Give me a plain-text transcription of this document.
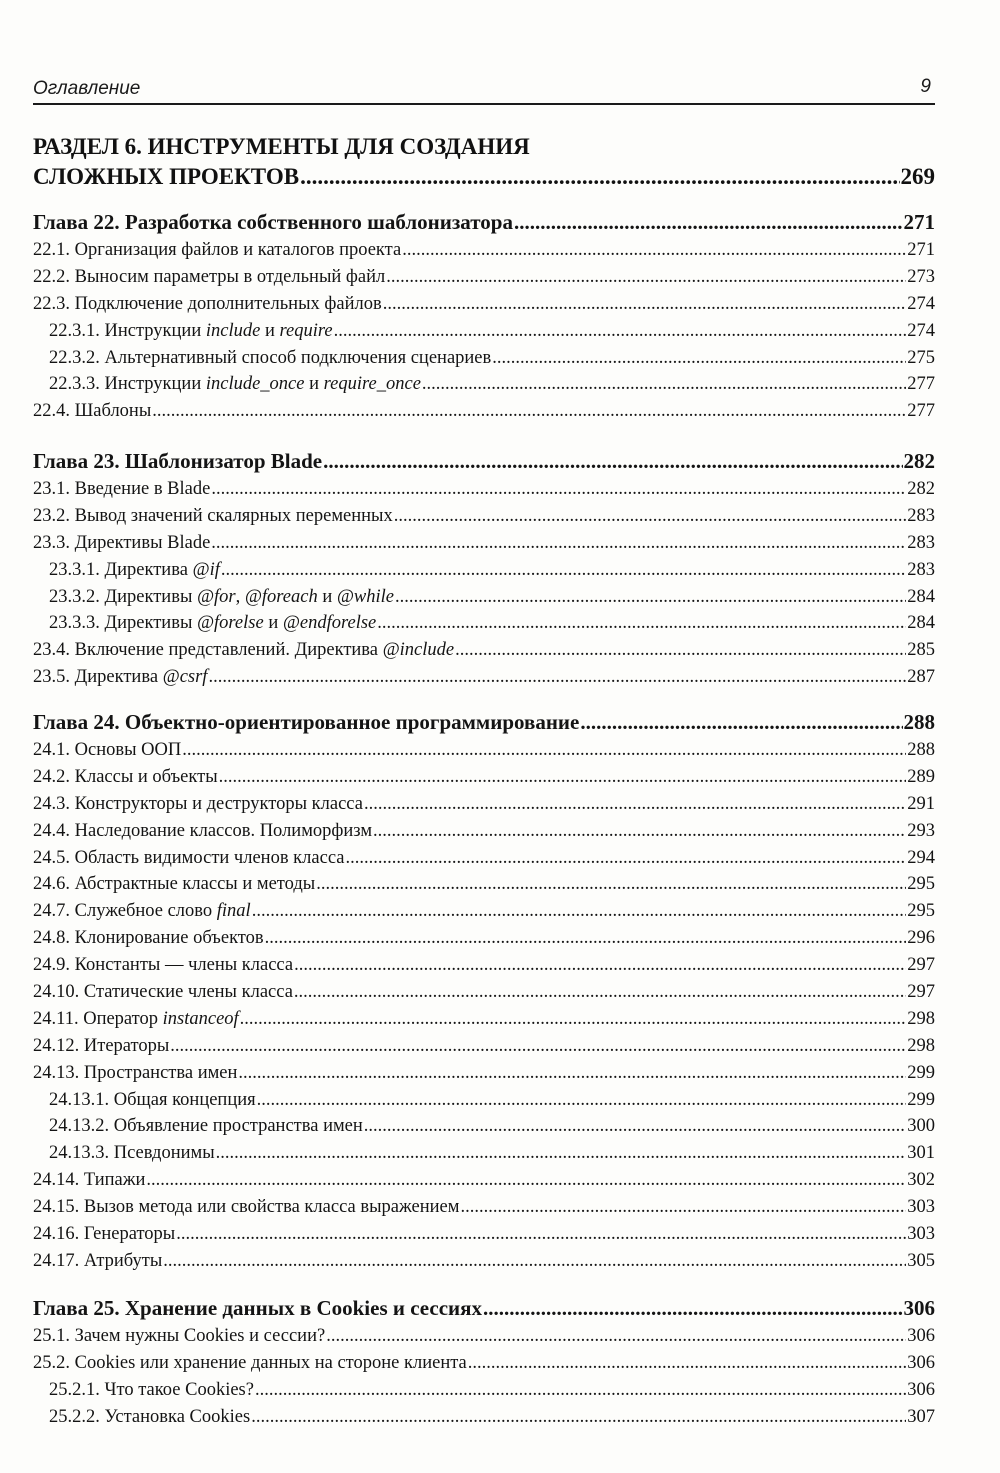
Оглавление	9
РАЗДЕЛ 6. ИНСТРУМЕНТЫ ДЛЯ СОЗДАНИЯ
СЛОЖНЫХ ПРОЕКТОВ .....	269
Глава 22. Разработка собственного шаблонизатора .....	271
22.1. Организация файлов и каталогов проекта .....	271
22.2. Выносим параметры в отдельный файл .....	273
22.3. Подключение дополнительных файлов .....	274
22.3.1. Инструкции include и require .....	274
22.3.2. Альтернативный способ подключения сценариев .....	275
22.3.3. Инструкции include_once и require_once .....	277
22.4. Шаблоны .....	277
Глава 23. Шаблонизатор Blade .....	282
23.1. Введение в Blade .....	282
23.2. Вывод значений скалярных переменных .....	283
23.3. Директивы Blade .....	283
23.3.1. Директива @if .....	283
23.3.2. Директивы @for, @foreach и @while .....	284
23.3.3. Директивы @forelse и @endforelse .....	284
23.4. Включение представлений. Директива @include .....	285
23.5. Директива @csrf .....	287
Глава 24. Объектно-ориентированное программирование .....	288
24.1. Основы ООП .....	288
24.2. Классы и объекты .....	289
24.3. Конструкторы и деструкторы класса .....	291
24.4. Наследование классов. Полиморфизм .....	293
24.5. Область видимости членов класса .....	294
24.6. Абстрактные классы и методы .....	295
24.7. Служебное слово final .....	295
24.8. Клонирование объектов .....	296
24.9. Константы — члены класса .....	297
24.10. Статические члены класса .....	297
24.11. Оператор instanceof .....	298
24.12. Итераторы .....	298
24.13. Пространства имен .....	299
24.13.1. Общая концепция .....	299
24.13.2. Объявление пространства имен .....	300
24.13.3. Псевдонимы .....	301
24.14. Типажи .....	302
24.15. Вызов метода или свойства класса выражением .....	303
24.16. Генераторы .....	303
24.17. Атрибуты .....	305
Глава 25. Хранение данных в Cookies и сессиях .....	306
25.1. Зачем нужны Cookies и сессии? .....	306
25.2. Cookies или хранение данных на стороне клиента .....	306
25.2.1. Что такое Cookies? .....	306
25.2.2. Установка Cookies .....	307
